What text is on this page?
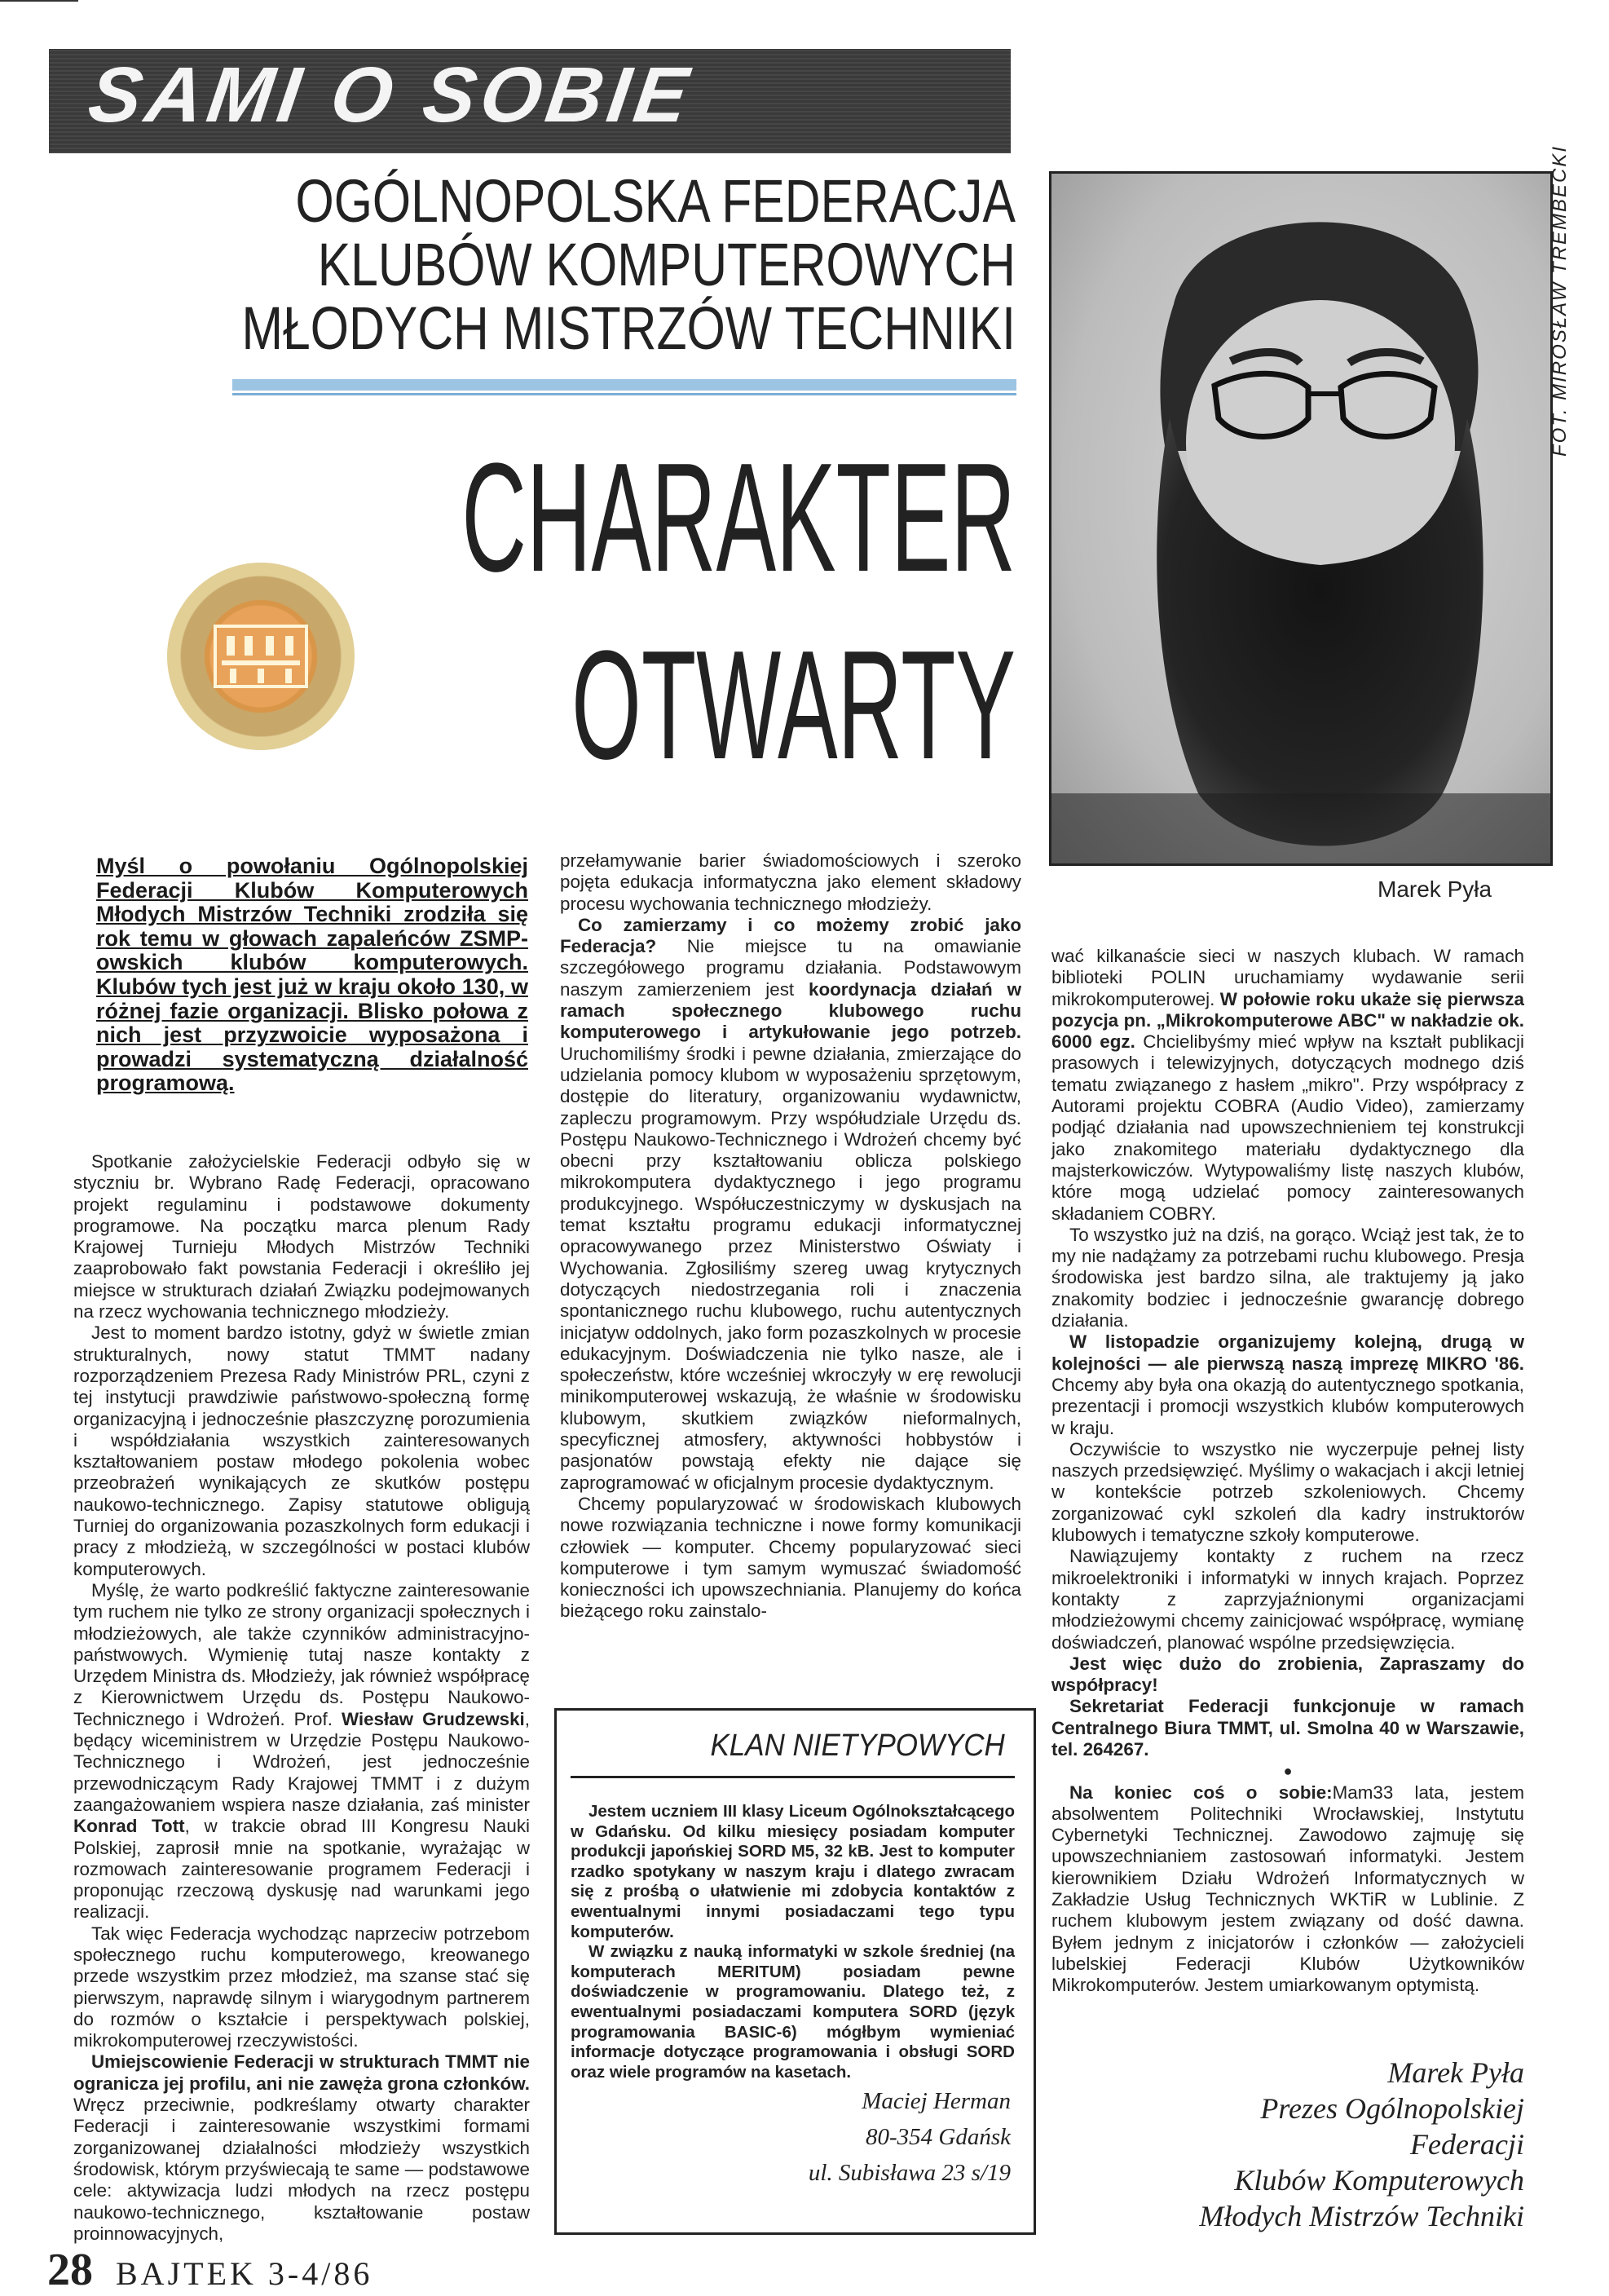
SAMI O SOBIE
OGÓLNOPOLSKA FEDERACJA
KLUBÓW KOMPUTEROWYCH
MŁODYCH MISTRZÓW TECHNIKI
CHARAKTER
OTWARTY
FOT. MIROSŁAW TREMBECKI
Marek Pyła
Myśl o powołaniu Ogólnopolskiej Federacji Klubów Komputerowych Młodych Mistrzów Techniki zrodziła się rok temu w głowach zapaleńców ZSMP-owskich klubów komputerowych. Klubów tych jest już w kraju około 130, w różnej fazie organizacji. Blisko połowa z nich jest przyzwoicie wyposażona i prowadzi systematyczną działalność programową.

Spotkanie założycielskie Federacji odbyło się w styczniu br. Wybrano Radę Federacji, opracowano projekt regulaminu i podstawowe dokumenty programowe. Na początku marca plenum Rady Krajowej Turnieju Młodych Mistrzów Techniki zaaprobowało fakt powstania Federacji i określiło jej miejsce w strukturach działań Związku podejmowanych na rzecz wychowania technicznego młodzieży.

Jest to moment bardzo istotny, gdyż w świetle zmian strukturalnych, nowy statut TMMT nadany rozporządzeniem Prezesa Rady Ministrów PRL, czyni z tej instytucji prawdziwie państwowo-społeczną formę organizacyjną i jednocześnie płaszczyznę porozumienia i współdziałania wszystkich zainteresowanych kształtowaniem postaw młodego pokolenia wobec przeobrażeń wynikających ze skutków postępu naukowo-technicznego. Zapisy statutowe obligują Turniej do organizowania pozaszkolnych form edukacji i pracy z młodzieżą, w szczególności w postaci klubów komputerowych.

Myślę, że warto podkreślić faktyczne zainteresowanie tym ruchem nie tylko ze strony organizacji społecznych i młodzieżowych, ale także czynników administracyjno-państwowych. Wymienię tutaj nasze kontakty z Urzędem Ministra ds. Młodzieży, jak również współpracę z Kierownictwem Urzędu ds. Postępu Naukowo-Technicznego i Wdrożeń. Prof. Wiesław Grudzewski, będący wiceministrem w Urzędzie Postępu Naukowo-Technicznego i Wdrożeń, jest jednocześnie przewodniczącym Rady Krajowej TMMT i z dużym zaangażowaniem wspiera nasze działania, zaś minister Konrad Tott, w trakcie obrad III Kongresu Nauki Polskiej, zaprosił mnie na spotkanie, wyrażając w rozmowach zainteresowanie programem Federacji i proponując rzeczową dyskusję nad warunkami jego realizacji.

Tak więc Federacja wychodząc naprzeciw potrzebom społecznego ruchu komputerowego, kreowanego przede wszystkim przez młodzież, ma szanse stać się pierwszym, naprawdę silnym i wiarygodnym partnerem do rozmów o kształcie i perspektywach polskiej, mikrokomputerowej rzeczywistości.

Umiejscowienie Federacji w strukturach TMMT nie ogranicza jej profilu, ani nie zawęża grona członków. Wręcz przeciwnie, podkreślamy otwarty charakter Federacji i zainteresowanie wszystkimi formami zorganizowanej działalności młodzieży wszystkich środowisk, którym przyświecają te same — podstawowe cele: aktywizacja ludzi młodych na rzecz postępu naukowo-technicznego, kształtowanie postaw proinnowacyjnych,

przełamywanie barier świadomościowych i szeroko pojęta edukacja informatyczna jako element składowy procesu wychowania technicznego młodzieży.

Co zamierzamy i co możemy zrobić jako Federacja? Nie miejsce tu na omawianie szczegółowego programu działania. Podstawowym naszym zamierzeniem jest koordynacja działań w ramach społecznego klubowego ruchu komputerowego i artykułowanie jego potrzeb. Uruchomiliśmy środki i pewne działania, zmierzające do udzielania pomocy klubom w wyposażeniu sprzętowym, dostępie do literatury, organizowaniu wydawnictw, zapleczu programowym. Przy współudziale Urzędu ds. Postępu Naukowo-Technicznego i Wdrożeń chcemy być obecni przy kształtowaniu oblicza polskiego mikrokomputera dydaktycznego i jego programu produkcyjnego. Współuczestniczymy w dyskusjach na temat kształtu programu edukacji informatycznej opracowywanego przez Ministerstwo Oświaty i Wychowania. Zgłosiliśmy szereg uwag krytycznych dotyczących niedostrzegania roli i znaczenia spontanicznego ruchu klubowego, ruchu autentycznych inicjatyw oddolnych, jako form pozaszkolnych w procesie edukacyjnym. Doświadczenia nie tylko nasze, ale i społeczeństw, które wcześniej wkroczyły w erę rewolucji minikomputerowej wskazują, że właśnie w środowisku klubowym, skutkiem związków nieformalnych, specyficznej atmosfery, aktywności hobbystów i pasjonatów powstają efekty nie dające się zaprogramować w oficjalnym procesie dydaktycznym.

Chcemy popularyzować w środowiskach klubowych nowe rozwiązania techniczne i nowe formy komunikacji człowiek — komputer. Chcemy popularyzować sieci komputerowe i tym samym wymuszać świadomość konieczności ich upowszechniania. Planujemy do końca bieżącego roku zainstalo-

wać kilkanaście sieci w naszych klubach. W ramach biblioteki POLIN uruchamiamy wydawanie serii mikrokomputerowej. W połowie roku ukaże się pierwsza pozycja pn. „Mikrokomputerowe ABC" w nakładzie ok. 6000 egz. Chcielibyśmy mieć wpływ na kształt publikacji prasowych i telewizyjnych, dotyczących modnego dziś tematu związanego z hasłem „mikro". Przy współpracy z Autorami projektu COBRA (Audio Video), zamierzamy podjąć działania nad upowszechnieniem tej konstrukcji jako znakomitego materiału dydaktycznego dla majsterkowiczów. Wytypowaliśmy listę naszych klubów, które mogą udzielać pomocy zainteresowanych składaniem COBRY.

To wszystko już na dziś, na gorąco. Wciąż jest tak, że to my nie nadążamy za potrzebami ruchu klubowego. Presja środowiska jest bardzo silna, ale traktujemy ją jako znakomity bodziec i jednocześnie gwarancję dobrego działania.

W listopadzie organizujemy kolejną, drugą w kolejności — ale pierwszą naszą imprezę MIKRO '86. Chcemy aby była ona okazją do autentycznego spotkania, prezentacji i promocji wszystkich klubów komputerowych w kraju.

Oczywiście to wszystko nie wyczerpuje pełnej listy naszych przedsięwzięć. Myślimy o wakacjach i akcji letniej w kontekście potrzeb szkoleniowych. Chcemy zorganizować cykl szkoleń dla kadry instruktorów klubowych i tematyczne szkoły komputerowe.

Nawiązujemy kontakty z ruchem na rzecz mikroelektroniki i informatyki w innych krajach. Poprzez kontakty z zaprzyjaźnionymi organizacjami młodzieżowymi chcemy zainicjować współpracę, wymianę doświadczeń, planować wspólne przedsięwzięcia.

Jest więc dużo do zrobienia, Zapraszamy do współpracy!

Sekretariat Federacji funkcjonuje w ramach Centralnego Biura TMMT, ul. Smolna 40 w Warszawie, tel. 264267.

●

Na koniec coś o sobie:Mam33 lata, jestem absolwentem Politechniki Wrocławskiej, Instytutu Cybernetyki Technicznej. Zawodowo zajmuję się upowszechnianiem zastosowań informatyki. Jestem kierownikiem Działu Wdrożeń Informatycznych w Zakładzie Usług Technicznych WKTiR w Lublinie. Z ruchem klubowym jestem związany od dość dawna. Byłem jednym z inicjatorów i członków — założycieli lubelskiej Federacji Klubów Użytkowników Mikrokomputerów. Jestem umiarkowanym optymistą.

KLAN NIETYPOWYCH

Jestem uczniem III klasy Liceum Ogólnokształcącego w Gdańsku. Od kilku miesięcy posiadam komputer produkcji japońskiej SORD M5, 32 kB. Jest to komputer rzadko spotykany w naszym kraju i dlatego zwracam się z prośbą o ułatwienie mi zdobycia kontaktów z ewentualnymi innymi posiadaczami tego typu komputerów.

W związku z nauką informatyki w szkole średniej (na komputerach MERITUM) posiadam pewne doświadczenie w programowaniu. Dlatego też, z ewentualnymi posiadaczami komputera SORD (język programowania BASIC-6) mógłbym wymieniać informacje dotyczące programowania i obsługi SORD oraz wiele programów na kasetach.

Maciej Herman
80-354 Gdańsk
ul. Subisława 23 s/19
Marek Pyła
Prezes Ogólnopolskiej
Federacji
Klubów Komputerowych
Młodych Mistrzów Techniki
28 BAJTEK 3-4/86
